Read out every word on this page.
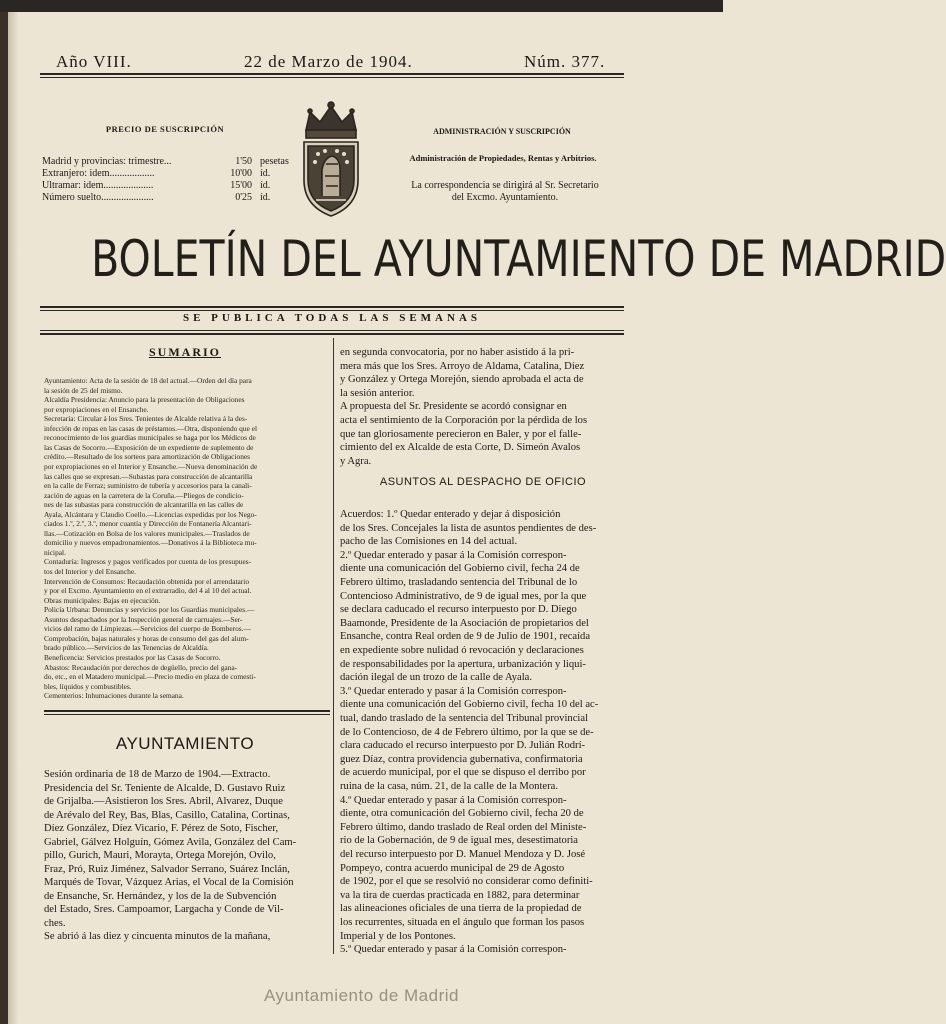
Año VIII.	22 de Marzo de 1904.	Núm. 377.
PRECIO DE SUSCRIPCIÓN
Madrid y provincias: trimestre...	1'50 pesetas
Extranjero: idem..................	10'00 íd.
Ultramar: idem....................	15'00 íd.
Número suelto.....................	0'25 íd.
ADMINISTRACIÓN Y SUSCRIPCIÓN
Administración de Propiedades, Rentas y Arbitrios.
La correspondencia se dirigirá al Sr. Secretario
del Excmo. Ayuntamiento.
BOLETÍN DEL AYUNTAMIENTO DE MADRID
SE PUBLICA TODAS LAS SEMANAS
SUMARIO
Ayuntamiento: Acta de la sesión de 18 del actual.—Orden del día para
la sesión de 25 del mismo.
Alcaldía Presidencia: Anuncio para la presentación de Obligaciones
por expropiaciones en el Ensanche.
Secretaría: Circular á los Sres. Tenientes de Alcalde relativa á la des-
infección de ropas en las casas de préstamos.—Otra, disponiendo que el
reconocimiento de los guardias municipales se haga por los Médicos de
las Casas de Socorro.—Exposición de un expediente de suplemento de
crédito.—Resultado de los sorteos para amortización de Obligaciones
por expropiaciones en el Interior y Ensanche.—Nueva denominación de
las calles que se expresan.—Subastas para construcción de alcantarilla
en la calle de Ferraz; suministro de tubería y accesorios para la canali-
zación de aguas en la carretera de la Coruña.—Pliegos de condicio-
nes de las subastas para construcción de alcantarilla en las calles de
Ayala, Alcántara y Claudio Coello.—Licencias expedidas por los Nego-
ciados 1.º, 2.º, 3.º, menor cuantía y Dirección de Fontanería Alcantari-
llas.—Cotización en Bolsa de los valores municipales.—Traslados de
domicilio y nuevos empadronamientos.—Donativos á la Biblioteca mu-
nicipal.
Contaduría: Ingresos y pagos verificados por cuenta de los presupues-
tos del Interior y del Ensanche.
Intervención de Consumos: Recaudación obtenida por el arrendatario
y por el Excmo. Ayuntamiento en el extrarradio, del 4 al 10 del actual.
Obras municipales: Bajas en ejecución.
Policía Urbana: Denuncias y servicios por los Guardias municipales.—
Asuntos despachados por la Inspección general de carruajes.—Ser-
vicios del ramo de Limpiezas.—Servicios del cuerpo de Bomberos.—
Comprobación, bajas naturales y horas de consumo del gas del alum-
brado público.—Servicios de las Tenencias de Alcaldía.
Beneficencia: Servicios prestados por las Casas de Socorro.
Abastos: Recaudación por derechos de degüello, precio del gana-
do, etc., en el Matadero municipal.—Precio medio en plaza de comesti-
bles, líquidos y combustibles.
Cementerios: Inhumaciones durante la semana.
AYUNTAMIENTO
Sesión ordinaria de 18 de Marzo de 1904.—Extracto.
Presidencia del Sr. Teniente de Alcalde, D. Gustavo Ruiz
de Grijalba.—Asistieron los Sres. Abril, Alvarez, Duque
de Arévalo del Rey, Bas, Blas, Casillo, Catalina, Cortinas,
Díez González, Díez Vicario, F. Pérez de Soto, Fischer,
Gabriel, Gálvez Holguín, Gómez Avila, González del Cam-
pillo, Gurich, Mauri, Morayta, Ortega Morejón, Ovilo,
Fraz, Pró, Ruiz Jiménez, Salvador Serrano, Suárez Inclán,
Marqués de Tovar, Vázquez Arias, el Vocal de la Comisión
de Ensanche, Sr. Hernández, y los de la de Subvención
del Estado, Sres. Campoamor, Largacha y Conde de Vil-
ches.
Se abrió á las diez y cincuenta minutos de la mañana,
en segunda convocatoria, por no haber asistido á la pri-
mera más que los Sres. Arroyo de Aldama, Catalina, Díez
y González y Ortega Morejón, siendo aprobada el acta de
la sesión anterior.
A propuesta del Sr. Presidente se acordó consignar en
acta el sentimiento de la Corporación por la pérdida de los
que tan gloriosamente perecieron en Baler, y por el falle-
cimiento del ex Alcalde de esta Corte, D. Simeón Avalos
y Agra.
ASUNTOS AL DESPACHO DE OFICIO
Acuerdos: 1.º Quedar enterado y dejar á disposición
de los Sres. Concejales la lista de asuntos pendientes de des-
pacho de las Comisiones en 14 del actual.
2.º Quedar enterado y pasar á la Comisión correspon-
diente una comunicación del Gobierno civil, fecha 24 de
Febrero último, trasladando sentencia del Tribunal de lo
Contencioso Administrativo, de 9 de igual mes, por la que
se declara caducado el recurso interpuesto por D. Diego
Baamonde, Presidente de la Asociación de propietarios del
Ensanche, contra Real orden de 9 de Julio de 1901, recaída
en expediente sobre nulidad ó revocación y declaraciones
de responsabilidades por la apertura, urbanización y liqui-
dación ilegal de un trozo de la calle de Ayala.
3.º Quedar enterado y pasar á la Comisión correspon-
diente una comunicación del Gobierno civil, fecha 10 del ac-
tual, dando traslado de la sentencia del Tribunal provincial
de lo Contencioso, de 4 de Febrero último, por la que se de-
clara caducado el recurso interpuesto por D. Julián Rodrí-
guez Díaz, contra providencia gubernativa, confirmatoria
de acuerdo municipal, por el que se dispuso el derribo por
ruina de la casa, núm. 21, de la calle de la Montera.
4.º Quedar enterado y pasar á la Comisión correspon-
diente, otra comunicación del Gobierno civil, fecha 20 de
Febrero último, dando traslado de Real orden del Ministe-
rio de la Gobernación, de 9 de igual mes, desestimatoria
del recurso interpuesto por D. Manuel Mendoza y D. José
Pompeyo, contra acuerdo municipal de 29 de Agosto
de 1902, por el que se resolvió no considerar como definiti-
va la tira de cuerdas practicada en 1882, para determinar
las alineaciones oficiales de una tierra de la propiedad de
los recurrentes, situada en el ángulo que forman los pasos
Imperial y de los Pontones.
5.º Quedar enterado y pasar á la Comisión correspon-
Ayuntamiento de Madrid
